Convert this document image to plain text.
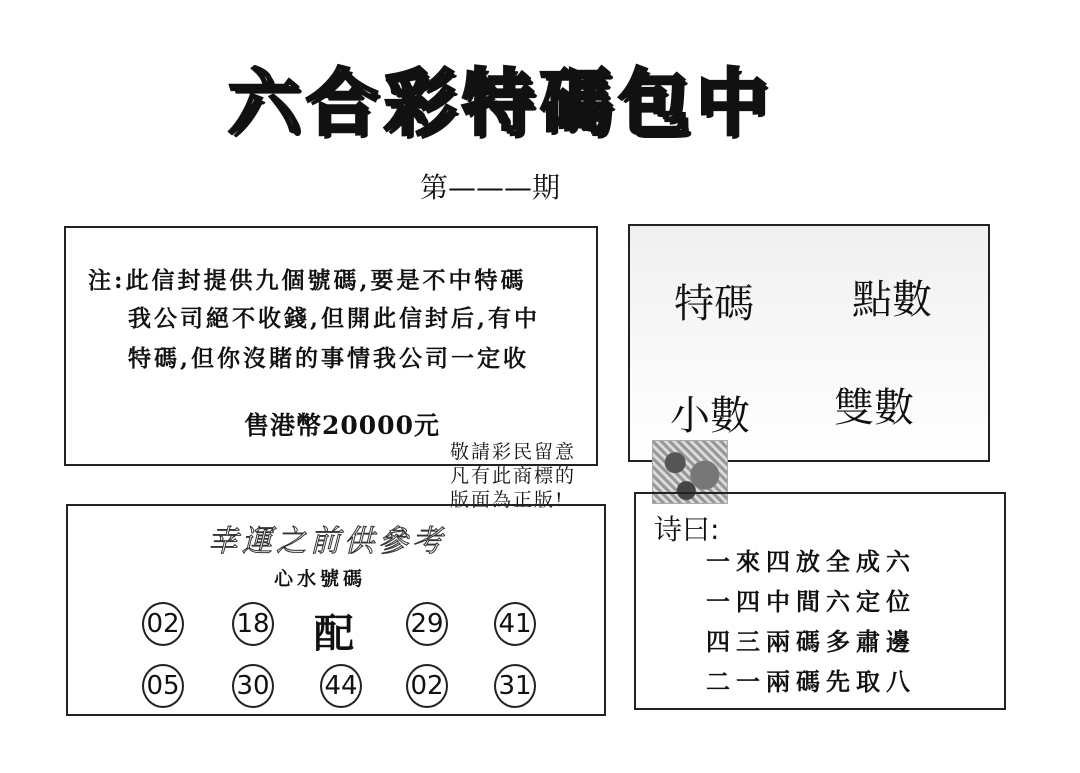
六合彩特碼包中
第———期
注:此信封提供九個號碼,要是不中特碼
我公司絕不收錢,但開此信封后,有中
特碼,但你沒賭的事情我公司一定收
售港幣20000元
特碼 點數
小數 雙數
敬請彩民留意
凡有此商標的
版面為正版!
幸運之前供參考
心水號碼
配
02 18	29 41
05 30 44 02 31
诗曰:
一來四放全成六
一四中間六定位
四三兩碼多肅邊
二一兩碼先取八
